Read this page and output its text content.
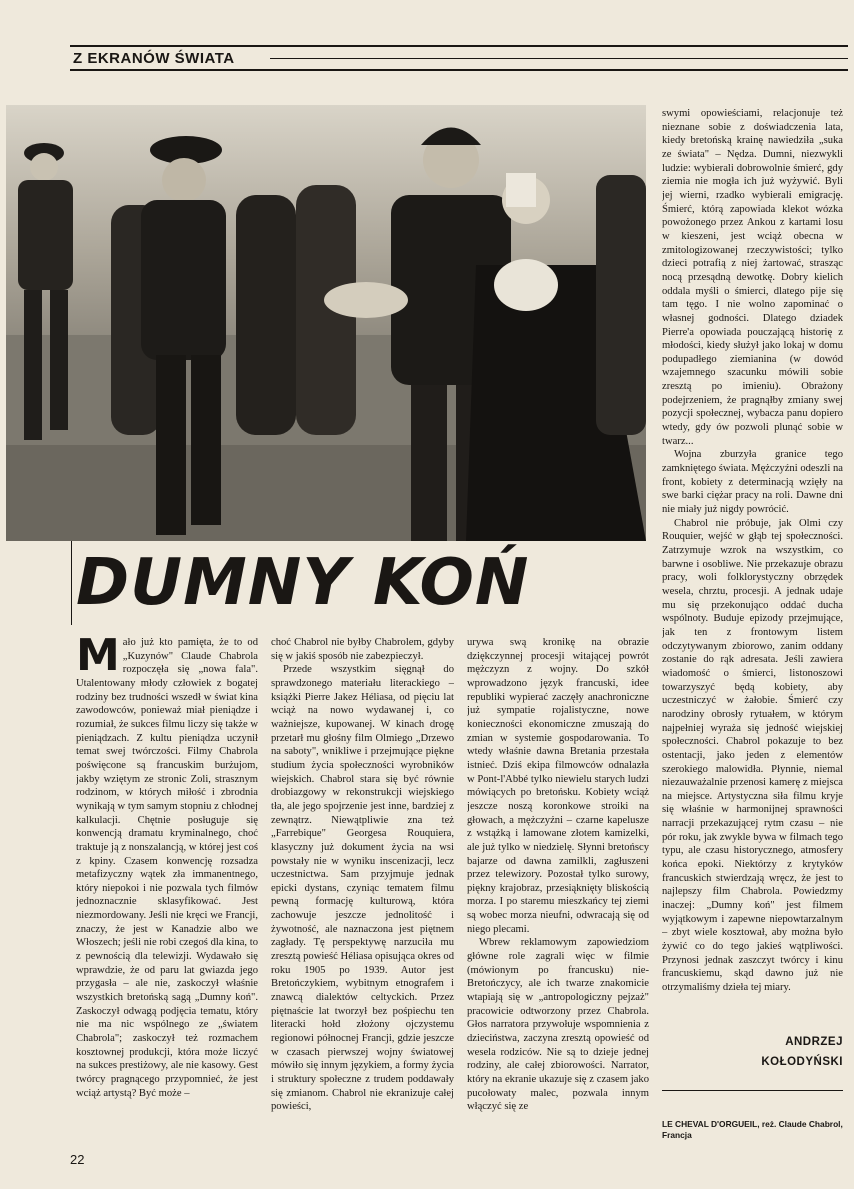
Z EKRANÓW ŚWIATA
DUMNY KOŃ

Mało już kto pamięta, że to od „Kuzynów" Claude Chabrola rozpoczęła się „nowa fala". Utalentowany młody człowiek z bogatej rodziny bez trudności wszedł w świat kina zawodowców, ponieważ miał pieniądze i rozumiał, że sukces filmu liczy się także w pieniądzach. Z kultu pieniądza uczynił temat swej twórczości. Filmy Chabrola poświęcone są francuskim burżujom, jakby wziętym ze stronic Zoli, strasznym rodzinom, w których miłość i zbrodnia wynikają w tym samym stopniu z chłodnej kalkulacji. Chętnie posługuje się konwencją dramatu kryminalnego, choć traktuje ją z nonszalancją, w której jest coś z kpiny. Czasem konwencję rozsadza metafizyczny wątek zła immanentnego, który niepokoi i nie pozwala tych filmów jednoznacznie sklasyfikować. Jest niezmordowany. Jeśli nie kręci we Francji, znaczy, że jest w Kanadzie albo we Włoszech; jeśli nie robi czegoś dla kina, to z pewnością dla telewizji. Wydawało się wprawdzie, że od paru lat gwiazda jego przygasła – ale nie, zaskoczył właśnie wszystkich bretońską sagą „Dumny koń". Zaskoczył odwagą podjęcia tematu, który nie ma nic wspólnego ze „światem Chabrola"; zaskoczył też rozmachem kosztownej produkcji, która może liczyć na sukces prestiżowy, ale nie kasowy. Gest twórcy pragnącego przypomnieć, że jest wciąż artystą? Być może –

choć Chabrol nie byłby Chabrolem, gdyby się w jakiś sposób nie zabezpieczył.

Przede wszystkim sięgnął do sprawdzonego materiału literackiego – książki Pierre Jakez Héliasa, od pięciu lat wciąż na nowo wydawanej i, co ważniejsze, kupowanej. W kinach drogę przetarł mu głośny film Olmiego „Drzewo na saboty", wnikliwe i przejmujące piękne studium życia społeczności wyrobników wiejskich. Chabrol stara się być równie drobiazgowy w rekonstrukcji wiejskiego tła, ale jego spojrzenie jest inne, bardziej z zewnątrz. Niewątpliwie zna też „Farrebique" Georgesa Rouquiera, klasyczny już dokument życia na wsi powstały nie w wyniku inscenizacji, lecz uczestnictwa. Sam przyjmuje jednak epicki dystans, czyniąc tematem filmu pewną formację kulturową, która zachowuje jeszcze jednolitość i żywotność, ale naznaczona jest piętnem zagłady. Tę perspektywę narzuciła mu zresztą powieść Héliasa opisująca okres od roku 1905 po 1939. Autor jest Bretończykiem, wybitnym etnografem i znawcą dialektów celtyckich. Przez piętnaście lat tworzył bez pośpiechu ten literacki hołd złożony ojczystemu regionowi północnej Francji, gdzie jeszcze w czasach pierwszej wojny światowej mówiło się innym językiem, a formy życia i struktury społeczne z trudem poddawały się zmianom. Chabrol nie ekranizuje całej powieści,

urywa swą kronikę na obrazie dziękczynnej procesji witającej powrót mężczyzn z wojny. Do szkół wprowadzono język francuski, idee republiki wypierać zaczęły anachroniczne już sympatie rojalistyczne, nowe konieczności ekonomiczne zmuszają do zmian w systemie gospodarowania. To wtedy właśnie dawna Bretania przestała istnieć. Dziś ekipa filmowców odnalazła w Pont-l'Abbé tylko niewielu starych ludzi mówiących po bretońsku. Kobiety wciąż jeszcze noszą koronkowe stroiki na głowach, a mężczyźni – czarne kapelusze z wstążką i lamowane złotem kamizelki, ale już tylko w niedzielę. Słynni bretońscy bajarze od dawna zamilkli, zagłuszeni przez telewizory. Pozostał tylko surowy, piękny krajobraz, przesiąknięty bliskością morza. I po staremu mieszkańcy tej ziemi są wobec morza nieufni, odwracają się od niego plecami.

Wbrew reklamowym zapowiedziom główne role zagrali więc w filmie (mówionym po francusku) nie-Bretończycy, ale ich twarze znakomicie wtapiają się w „antropologiczny pejzaż" pracowicie odtworzony przez Chabrola. Głos narratora przywołuje wspomnienia z dzieciństwa, zaczyna zresztą opowieść od wesela rodziców. Nie są to dzieje jednej rodziny, ale całej zbiorowości. Narrator, który na ekranie ukazuje się z czasem jako pucołowaty malec, pozwala innym włączyć się ze

swymi opowieściami, relacjonuje też nieznane sobie z doświadczenia lata, kiedy bretońską krainę nawiedziła „suka ze świata" – Nędza. Dumni, niezwykli ludzie: wybierali dobrowolnie śmierć, gdy ziemia nie mogła ich już wyżywić. Byli jej wierni, rzadko wybierali emigrację. Śmierć, którą zapowiada klekot wózka powożonego przez Ankou z kartami losu w kieszeni, jest wciąż obecna w zmitologizowanej rzeczywistości; tylko dzieci potrafią z niej żartować, strasząc nocą przesądną dewotkę. Dobry kielich oddala myśli o śmierci, dlatego pije się tam tęgo. I nie wolno zapominać o własnej godności. Dlatego dziadek Pierre'a opowiada pouczającą historię z młodości, kiedy służył jako lokaj w domu podupadłego ziemianina (w dowód wzajemnego szacunku mówili sobie zresztą po imieniu). Obrażony podejrzeniem, że pragnąłby zmiany swej pozycji społecznej, wybacza panu dopiero wtedy, gdy ów pozwoli plunąć sobie w twarz...

Wojna zburzyła granice tego zamkniętego świata. Mężczyźni odeszli na front, kobiety z determinacją wzięły na swe barki ciężar pracy na roli. Dawne dni nie miały już nigdy powrócić.

Chabrol nie próbuje, jak Olmi czy Rouquier, wejść w głąb tej społeczności. Zatrzymuje wzrok na wszystkim, co barwne i osobliwe. Nie przekazuje obrazu pracy, woli folklorystyczny obrzędek wesela, chrztu, procesji. A jednak udaje mu się przekonująco oddać ducha wspólnoty. Buduje epizody przejmujące, jak ten z frontowym listem odczytywanym zbiorowo, zanim oddany zostanie do rąk adresata. Jeśli zawiera wiadomość o śmierci, listonoszowi towarzyszyć będą kobiety, aby uczestniczyć w żałobie. Śmierć czy narodziny obrosły rytuałem, w którym najpełniej wyraża się jedność wiejskiej społeczności. Chabrol pokazuje to bez ostentacji, jako jeden z elementów szerokiego malowidła. Płynnie, niemal niezauważalnie przenosi kamerę z miejsca na miejsce. Artystyczna siła filmu kryje się właśnie w harmonijnej sprawności narracji przekazującej rytm czasu – nie pór roku, jak zwykle bywa w filmach tego typu, ale czasu historycznego, atmosfery końca epoki. Niektórzy z krytyków francuskich stwierdzają wręcz, że jest to najlepszy film Chabrola. Powiedzmy inaczej: „Dumny koń" jest filmem wyjątkowym i zapewne niepowtarzalnym – zbyt wiele kosztował, aby można było żywić co do tego jakieś wątpliwości. Przynosi jednak zaszczyt twórcy i kinu francuskiemu, skąd dawno już nie otrzymaliśmy dzieła tej miary.

ANDRZEJ
KOŁODYŃSKI
LE CHEVAL D'ORGUEIL, reż. Claude Chabrol, Francja
22
